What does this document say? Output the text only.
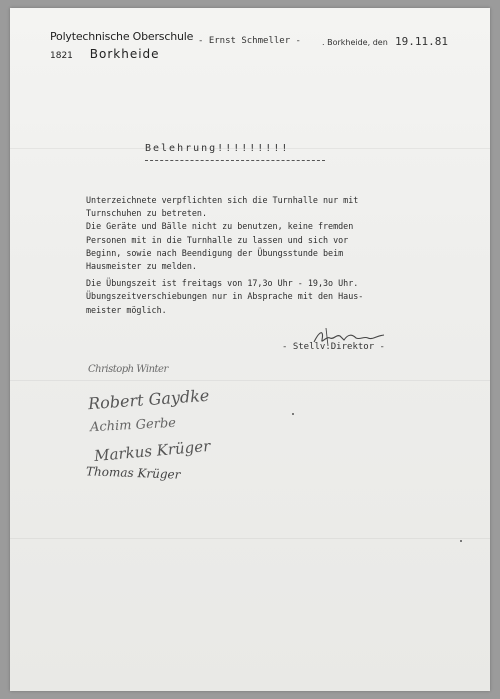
Polytechnische Oberschule
1821 Borkheide
- Ernst Schmeller -	. Borkheide, den 19.11.81
Belehrung!!!!!!!!!
Unterzeichnete verpflichten sich die Turnhalle nur mit
Turnschuhen zu betreten.
Die Geräte und Bälle nicht zu benutzen, keine fremden
Personen mit in die Turnhalle zu lassen und sich vor
Beginn, sowie nach Beendigung der Übungsstunde beim
Hausmeister zu melden.
Die Übungszeit ist freitags von 17,3o Uhr - 19,3o Uhr.
Übungszeitverschiebungen nur in Absprache mit den Haus-
meister möglich.
- Stellv.Direktor -
Christoph Winter
Robert Gaydke
Achim Gerbe
Markus Krüger
Thomas Krüger
